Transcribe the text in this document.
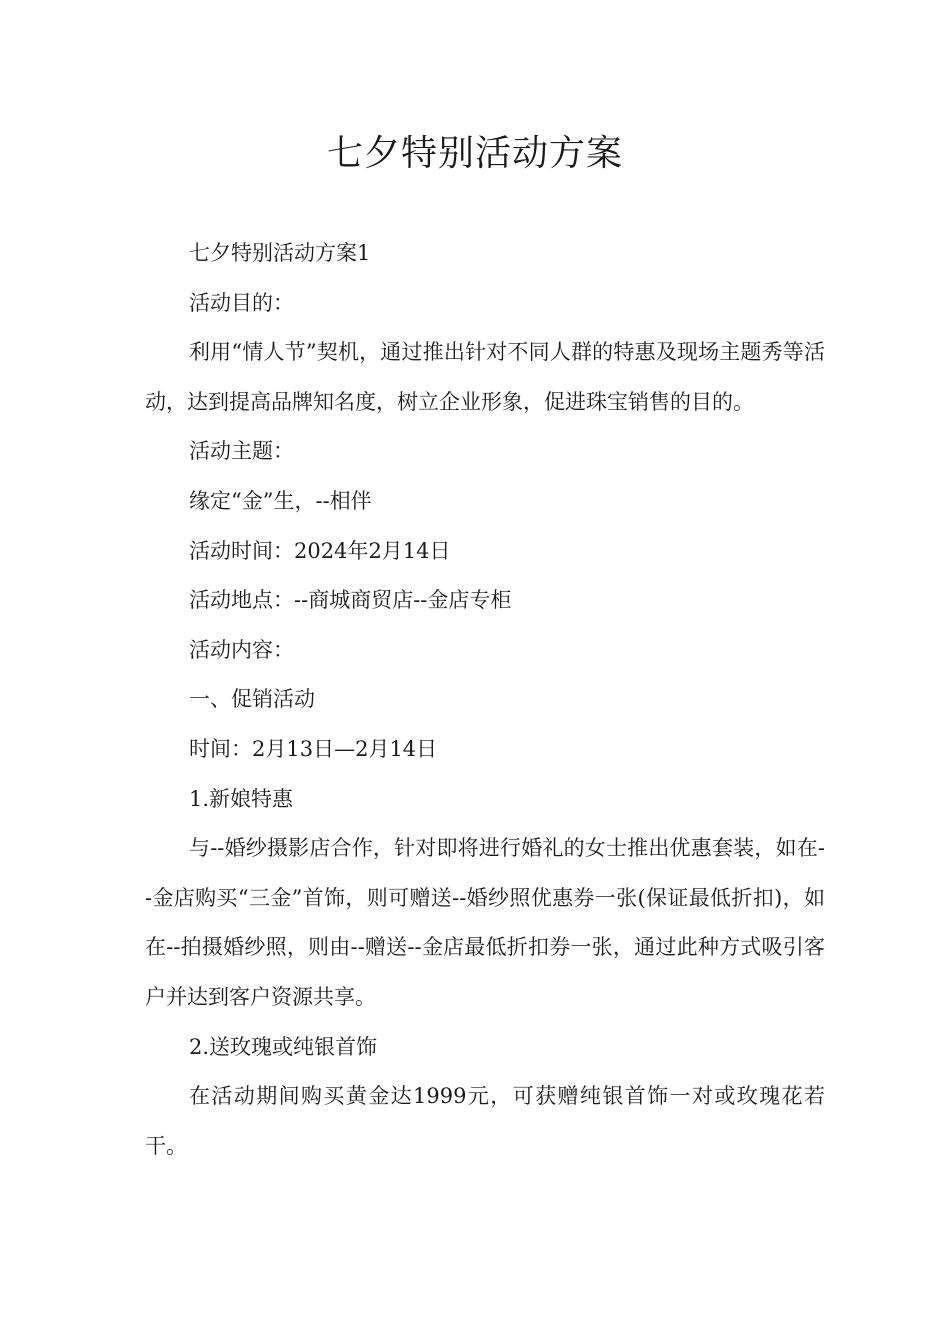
七夕特别活动方案

七夕特别活动方案1

活动目的：

利用“情人节”契机，通过推出针对不同人群的特惠及现场主题秀等活动，达到提高品牌知名度，树立企业形象，促进珠宝销售的目的。

活动主题：

缘定“金”生，--相伴

活动时间：2024年2月14日

活动地点：--商城商贸店--金店专柜

活动内容：

一、促销活动

时间：2月13日—2月14日

1.新娘特惠

与--婚纱摄影店合作，针对即将进行婚礼的女士推出优惠套装，如在--金店购买“三金”首饰，则可赠送--婚纱照优惠券一张(保证最低折扣)，如在--拍摄婚纱照，则由--赠送--金店最低折扣券一张，通过此种方式吸引客户并达到客户资源共享。

2.送玫瑰或纯银首饰

在活动期间购买黄金达1999元，可获赠纯银首饰一对或玫瑰花若干。
